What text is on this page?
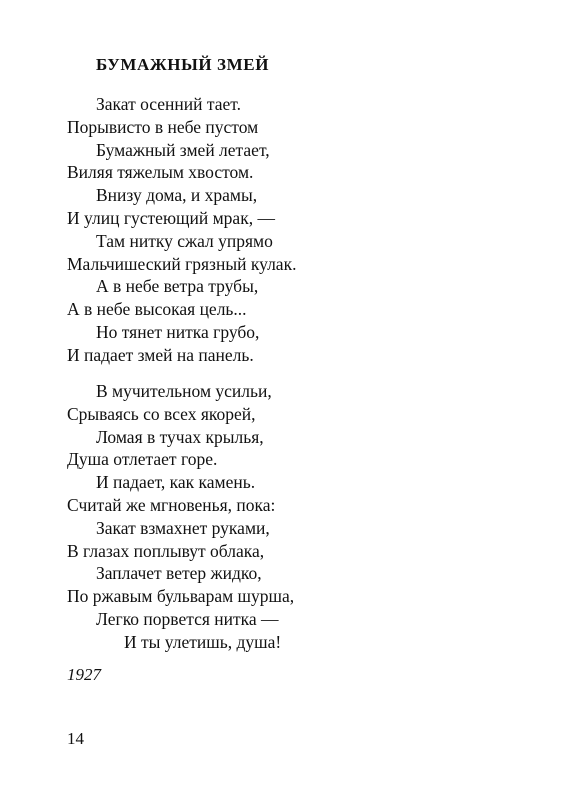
БУМАЖНЫЙ ЗМЕЙ
Закат осенний тает.
Порывисто в небе пустом
Бумажный змей летает,
Виляя тяжелым хвостом.
Внизу дома, и храмы,
И улиц густеющий мрак, —
Там нитку сжал упрямо
Мальчишеский грязный кулак.
А в небе ветра трубы,
А в небе высокая цель...
Но тянет нитка грубо,
И падает змей на панель.
В мучительном усильи,
Срываясь со всех якорей,
Ломая в тучах крылья,
Душа отлетает горе.
И падает, как камень.
Считай же мгновенья, пока:
Закат взмахнет руками,
В глазах поплывут облака,
Заплачет ветер жидко,
По ржавым бульварам шурша,
Легко порвется нитка —
И ты улетишь, душа!
1927
14
